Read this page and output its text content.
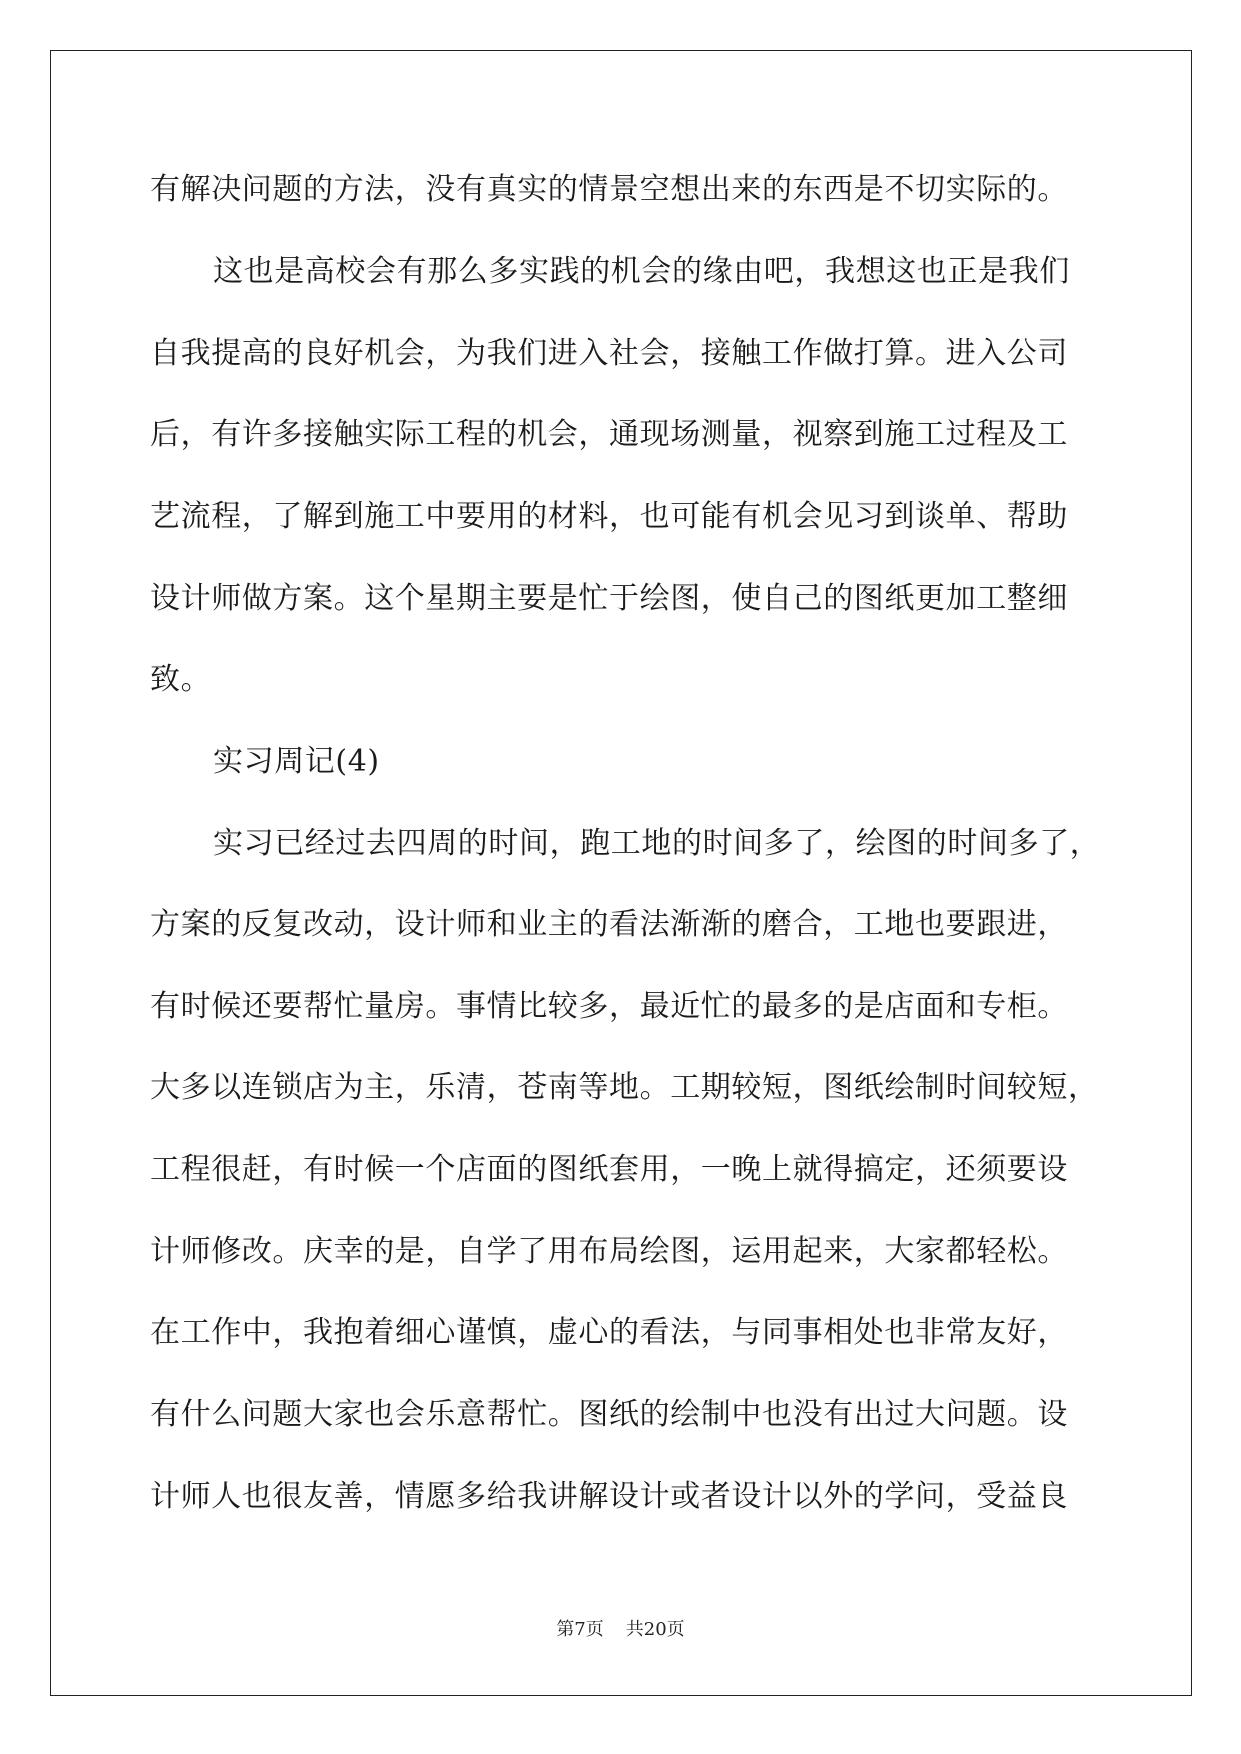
有解决问题的方法，没有真实的情景空想出来的东西是不切实际的。
这也是高校会有那么多实践的机会的缘由吧，我想这也正是我们
自我提高的良好机会，为我们进入社会，接触工作做打算。进入公司
后，有许多接触实际工程的机会，通现场测量，视察到施工过程及工
艺流程，了解到施工中要用的材料，也可能有机会见习到谈单、帮助
设计师做方案。这个星期主要是忙于绘图，使自己的图纸更加工整细
致。
实习周记(4)
实习已经过去四周的时间，跑工地的时间多了，绘图的时间多了，
方案的反复改动，设计师和业主的看法渐渐的磨合，工地也要跟进，
有时候还要帮忙量房。事情比较多，最近忙的最多的是店面和专柜。
大多以连锁店为主，乐清，苍南等地。工期较短，图纸绘制时间较短，
工程很赶，有时候一个店面的图纸套用，一晚上就得搞定，还须要设
计师修改。庆幸的是，自学了用布局绘图，运用起来，大家都轻松。
在工作中，我抱着细心谨慎，虚心的看法，与同事相处也非常友好，
有什么问题大家也会乐意帮忙。图纸的绘制中也没有出过大问题。设
计师人也很友善，情愿多给我讲解设计或者设计以外的学问，受益良
第7页 共20页
